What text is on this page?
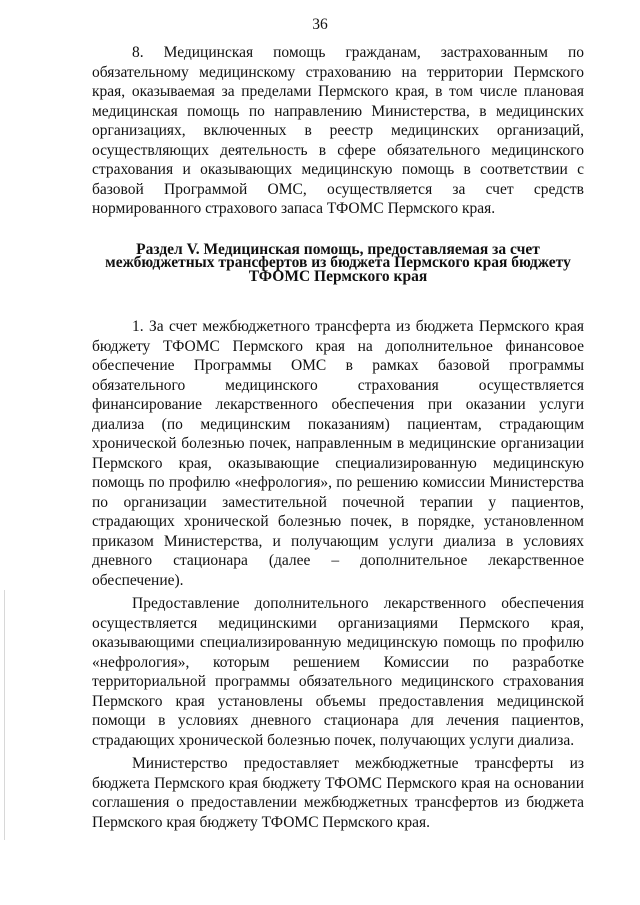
36

8. Медицинская помощь гражданам, застрахованным по обязательному медицинскому страхованию на территории Пермского края, оказываемая за пределами Пермского края, в том числе плановая медицинская помощь по направлению Министерства, в медицинских организациях, включенных в реестр медицинских организаций, осуществляющих деятельность в сфере обязательного медицинского страхования и оказывающих медицинскую помощь в соответствии с базовой Программой ОМС, осуществляется за счет средств нормированного страхового запаса ТФОМС Пермского края.

Раздел V. Медицинская помощь, предоставляемая за счет межбюджетных трансфертов из бюджета Пермского края бюджету ТФОМС Пермского края

1. За счет межбюджетного трансферта из бюджета Пермского края бюджету ТФОМС Пермского края на дополнительное финансовое обеспечение Программы ОМС в рамках базовой программы обязательного медицинского страхования осуществляется финансирование лекарственного обеспечения при оказании услуги диализа (по медицинским показаниям) пациентам, страдающим хронической болезнью почек, направленным в медицинские организации Пермского края, оказывающие специализированную медицинскую помощь по профилю «нефрология», по решению комиссии Министерства по организации заместительной почечной терапии у пациентов, страдающих хронической болезнью почек, в порядке, установленном приказом Министерства, и получающим услуги диализа в условиях дневного стационара (далее – дополнительное лекарственное обеспечение).

Предоставление дополнительного лекарственного обеспечения осуществляется медицинскими организациями Пермского края, оказывающими специализированную медицинскую помощь по профилю «нефрология», которым решением Комиссии по разработке территориальной программы обязательного медицинского страхования Пермского края установлены объемы предоставления медицинской помощи в условиях дневного стационара для лечения пациентов, страдающих хронической болезнью почек, получающих услуги диализа.

Министерство предоставляет межбюджетные трансферты из бюджета Пермского края бюджету ТФОМС Пермского края на основании соглашения о предоставлении межбюджетных трансфертов из бюджета Пермского края бюджету ТФОМС Пермского края.
